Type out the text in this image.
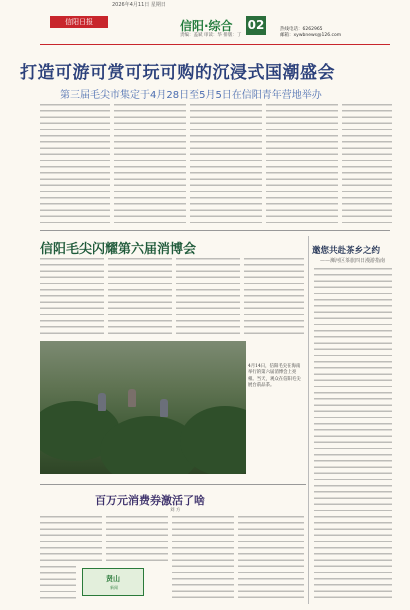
信阳日报
2026年4月11日 星期日
信阳·综合
责编：盖斌 审读：华 排版：丁
02	热线电话：6262965
邮箱：xywbnews@126.com
打造可游可赏可玩可购的沉浸式国潮盛会
第三届毛尖市集定于4月28日至5月5日在信阳青年营地举办
信阳毛尖闪耀第六届消博会
4月14日，信阳毛尖在海南举行的第六届消博会上亮相。当天，观众在信阳毛尖展台前品茶。
百万元消费券激活了啥
刘 方
贤山
新闻
邀您共赴茶乡之约
——浉河区茶旅四日漫游指南
